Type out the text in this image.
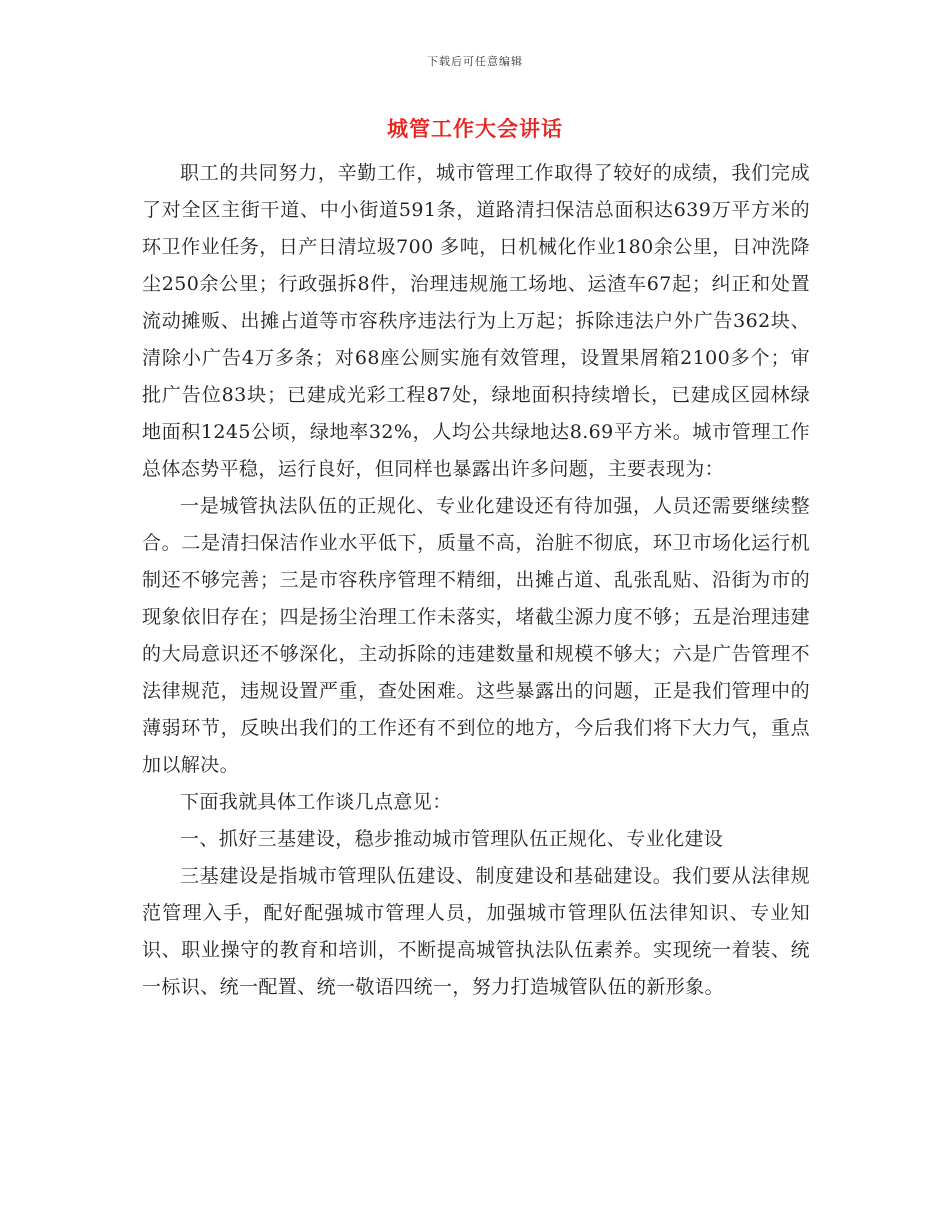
下载后可任意编辑
城管工作大会讲话

职工的共同努力，辛勤工作，城市管理工作取得了较好的成绩，我们完成了对全区主街干道、中小街道591条，道路清扫保洁总面积达639万平方米的环卫作业任务，日产日清垃圾700 多吨，日机械化作业180余公里，日冲洗降尘250余公里；行政强拆8件，治理违规施工场地、运渣车67起；纠正和处置流动摊贩、出摊占道等市容秩序违法行为上万起；拆除违法户外广告362块、清除小广告4万多条；对68座公厕实施有效管理，设置果屑箱2100多个；审批广告位83块；已建成光彩工程87处，绿地面积持续增长，已建成区园林绿地面积1245公顷，绿地率32%，人均公共绿地达8.69平方米。城市管理工作总体态势平稳，运行良好，但同样也暴露出许多问题，主要表现为：

一是城管执法队伍的正规化、专业化建设还有待加强，人员还需要继续整合。二是清扫保洁作业水平低下，质量不高，治脏不彻底，环卫市场化运行机制还不够完善；三是市容秩序管理不精细，出摊占道、乱张乱贴、沿街为市的现象依旧存在；四是扬尘治理工作未落实，堵截尘源力度不够；五是治理违建的大局意识还不够深化，主动拆除的违建数量和规模不够大；六是广告管理不法律规范，违规设置严重，查处困难。这些暴露出的问题，正是我们管理中的薄弱环节，反映出我们的工作还有不到位的地方，今后我们将下大力气，重点加以解决。

下面我就具体工作谈几点意见：

一、抓好三基建设，稳步推动城市管理队伍正规化、专业化建设

三基建设是指城市管理队伍建设、制度建设和基础建设。我们要从法律规范管理入手，配好配强城市管理人员，加强城市管理队伍法律知识、专业知识、职业操守的教育和培训，不断提高城管执法队伍素养。实现统一着装、统一标识、统一配置、统一敬语四统一，努力打造城管队伍的新形象。
